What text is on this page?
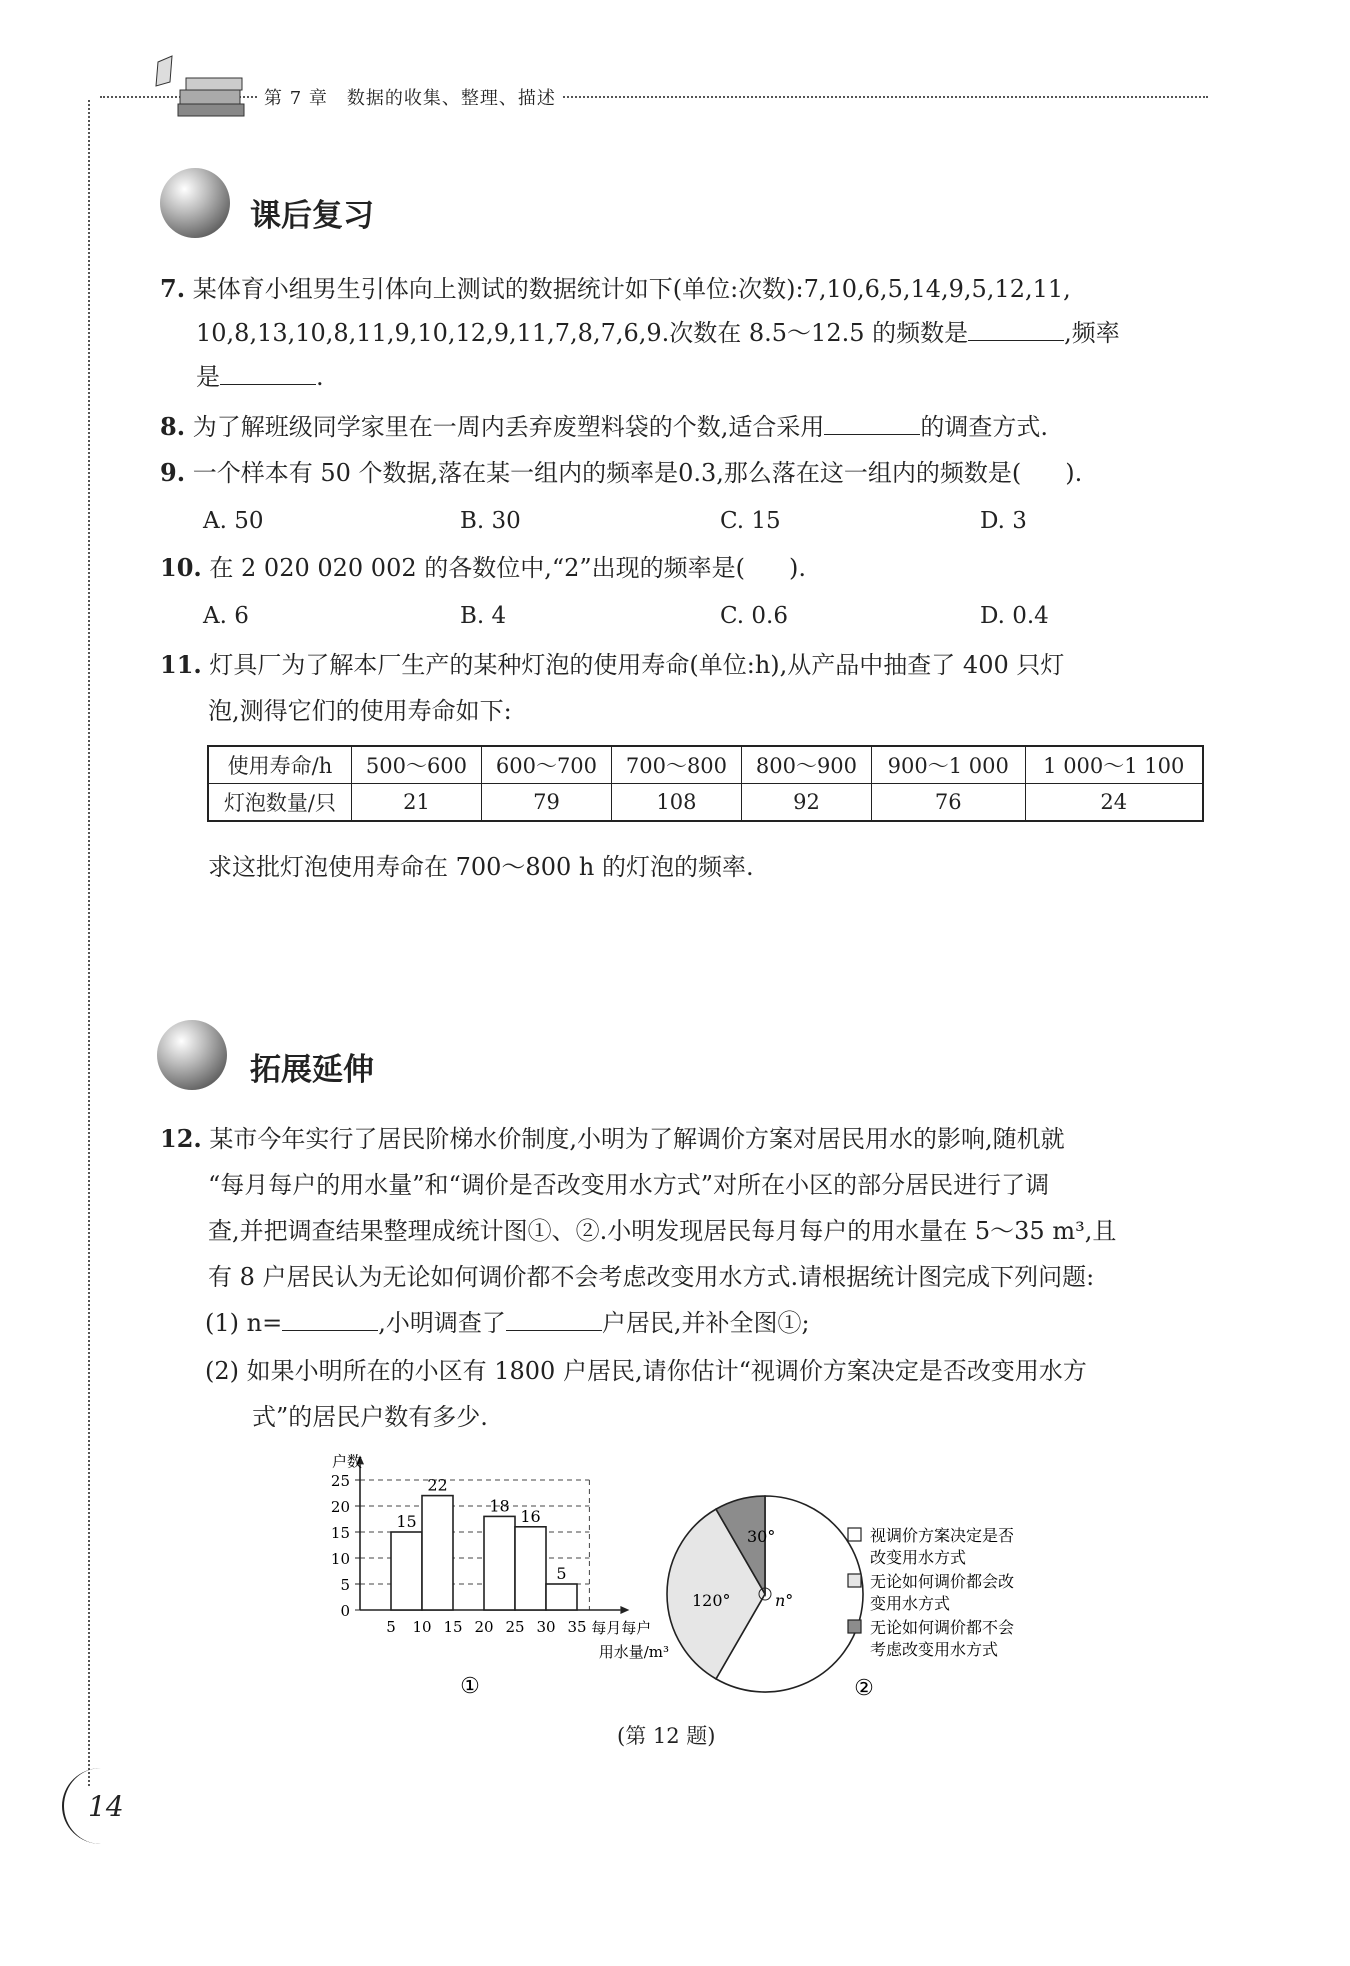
第 7 章　数据的收集、整理、描述
课后复习
7. 某体育小组男生引体向上测试的数据统计如下(单位:次数):7,10,6,5,14,9,5,12,11,
10,8,13,10,8,11,9,10,12,9,11,7,8,7,6,9.次数在 8.5～12.5 的频数是	,频率
是	.
8. 为了解班级同学家里在一周内丢弃废塑料袋的个数,适合采用	的调查方式.
9. 一个样本有 50 个数据,落在某一组内的频率是0.3,那么落在这一组内的频数是( ).
A. 50	B. 30	C. 15	D. 3
10. 在 2 020 020 002 的各数位中,“2”出现的频率是( ).
A. 6	B. 4	C. 0.6	D. 0.4
11. 灯具厂为了解本厂生产的某种灯泡的使用寿命(单位:h),从产品中抽查了 400 只灯
泡,测得它们的使用寿命如下:
使用寿命/h	500～600	600～700	700～800	800～900	900～1 000	1 000～1 100
灯泡数量/只	21	79	108	92	76	24
求这批灯泡使用寿命在 700～800 h 的灯泡的频率.
拓展延伸
12. 某市今年实行了居民阶梯水价制度,小明为了解调价方案对居民用水的影响,随机就
“每月每户的用水量”和“调价是否改变用水方式”对所在小区的部分居民进行了调
查,并把调查结果整理成统计图①、②.小明发现居民每月每户的用水量在 5～35 m³,且
有 8 户居民认为无论如何调价都不会考虑改变用水方式.请根据统计图完成下列问题:
(1) n=	,小明调查了	户居民,并补全图①;
(2) 如果小明所在的小区有 1800 户居民,请你估计“视调价方案决定是否改变用水方
式”的居民户数有多少.
0
5
10
15
20
25
5 10 15 20 25 30 35
15
22
18
16
5
户数
每月每户
用水量/m³
①
30°
120°	n°
视调价方案决定是否
改变用水方式
无论如何调价都会改
变用水方式
无论如何调价都不会
考虑改变用水方式
②
(第 12 题)
14
